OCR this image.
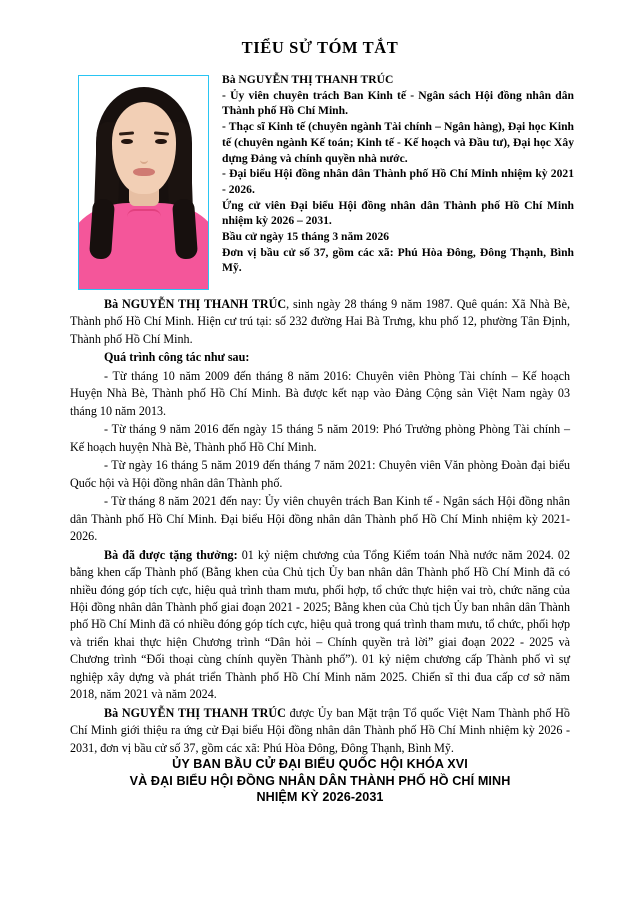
TIỂU SỬ TÓM TẮT

Bà NGUYỄN THỊ THANH TRÚC

- Ủy viên chuyên trách Ban Kinh tế - Ngân sách Hội đồng nhân dân Thành phố Hồ Chí Minh.

- Thạc sĩ Kinh tế (chuyên ngành Tài chính – Ngân hàng), Đại học Kinh tế (chuyên ngành Kế toán; Kinh tế - Kế hoạch và Đầu tư), Đại học Xây dựng Đảng và chính quyền nhà nước.

- Đại biểu Hội đồng nhân dân Thành phố Hồ Chí Minh nhiệm kỳ 2021 - 2026.

Ứng cử viên Đại biểu Hội đồng nhân dân Thành phố Hồ Chí Minh nhiệm kỳ 2026 – 2031.

Bầu cử ngày 15 tháng 3 năm 2026

Đơn vị bầu cử số 37, gồm các xã: Phú Hòa Đông, Đông Thạnh, Bình Mỹ.

Bà NGUYỄN THỊ THANH TRÚC, sinh ngày 28 tháng 9 năm 1987. Quê quán: Xã Nhà Bè, Thành phố Hồ Chí Minh. Hiện cư trú tại: số 232 đường Hai Bà Trưng, khu phố 12, phường Tân Định, Thành phố Hồ Chí Minh.

Quá trình công tác như sau:

- Từ tháng 10 năm 2009 đến tháng 8 năm 2016: Chuyên viên Phòng Tài chính – Kế hoạch Huyện Nhà Bè, Thành phố Hồ Chí Minh. Bà được kết nạp vào Đảng Cộng sản Việt Nam ngày 03 tháng 10 năm 2013.

- Từ tháng 9 năm 2016 đến ngày 15 tháng 5 năm 2019: Phó Trưởng phòng Phòng Tài chính – Kế hoạch huyện Nhà Bè, Thành phố Hồ Chí Minh.

- Từ ngày 16 tháng 5 năm 2019 đến tháng 7 năm 2021: Chuyên viên Văn phòng Đoàn đại biểu Quốc hội và Hội đồng nhân dân Thành phố.

- Từ tháng 8 năm 2021 đến nay: Ủy viên chuyên trách Ban Kinh tế - Ngân sách Hội đồng nhân dân Thành phố Hồ Chí Minh. Đại biểu Hội đồng nhân dân Thành phố Hồ Chí Minh nhiệm kỳ 2021-2026.

Bà đã được tặng thưởng: 01 kỷ niệm chương của Tổng Kiểm toán Nhà nước năm 2024. 02 bằng khen cấp Thành phố (Bằng khen của Chủ tịch Ủy ban nhân dân Thành phố Hồ Chí Minh đã có nhiều đóng góp tích cực, hiệu quả trình tham mưu, phối hợp, tổ chức thực hiện vai trò, chức năng của Hội đồng nhân dân Thành phố giai đoạn 2021 - 2025; Bằng khen của Chủ tịch Ủy ban nhân dân Thành phố Hồ Chí Minh đã có nhiều đóng góp tích cực, hiệu quả trong quá trình tham mưu, tổ chức, phối hợp và triển khai thực hiện Chương trình “Dân hỏi – Chính quyền trả lời” giai đoạn 2022 - 2025 và Chương trình “Đối thoại cùng chính quyền Thành phố”). 01 kỷ niệm chương cấp Thành phố vì sự nghiệp xây dựng và phát triển Thành phố Hồ Chí Minh năm 2025. Chiến sĩ thi đua cấp cơ sở năm 2018, năm 2021 và năm 2024.

Bà NGUYỄN THỊ THANH TRÚC được Ủy ban Mặt trận Tổ quốc Việt Nam Thành phố Hồ Chí Minh giới thiệu ra ứng cử Đại biểu Hội đồng nhân dân Thành phố Hồ Chí Minh nhiệm kỳ 2026 - 2031, đơn vị bầu cử số 37, gồm các xã: Phú Hòa Đông, Đông Thạnh, Bình Mỹ.

ỦY BAN BẦU CỬ ĐẠI BIỂU QUỐC HỘI KHÓA XVI
VÀ ĐẠI BIỂU HỘI ĐỒNG NHÂN DÂN THÀNH PHỐ HỒ CHÍ MINH
NHIỆM KỲ 2026-2031
